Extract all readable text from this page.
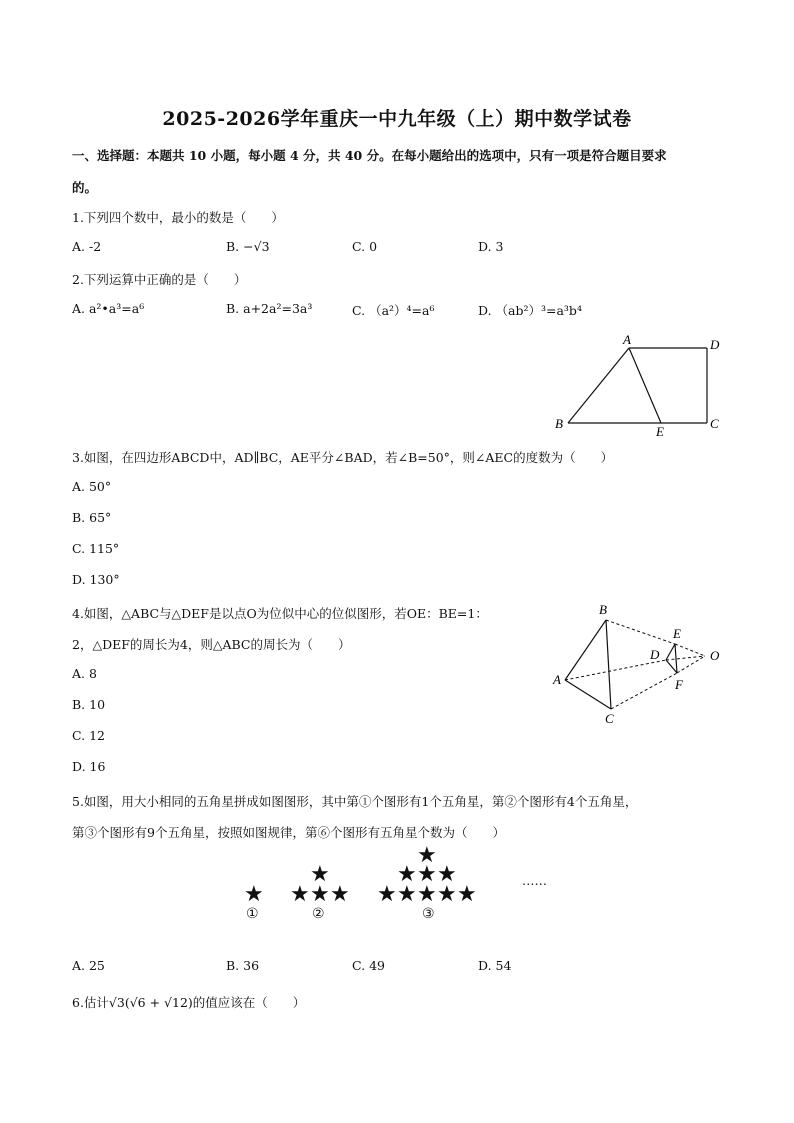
2025-2026学年重庆一中九年级（上）期中数学试卷
一、选择题：本题共 10 小题，每小题 4 分，共 40 分。在每小题给出的选项中，只有一项是符合题目要求
的。
1.下列四个数中，最小的数是（　　）
A. -2	B. −√3	C. 0	D. 3
2.下列运算中正确的是（　　）
A. a²•a³=a⁶	B. a+2a²=3a³	C. （a²）⁴=a⁶	D. （ab²）³=a³b⁴
A	D
B
E
C
3.如图，在四边形ABCD中，AD∥BC，AE平分∠BAD，若∠B=50°，则∠AEC的度数为（　　）
A. 50°
B. 65°
C. 115°
D. 130°
4.如图，△ABC与△DEF是以点O为位似中心的位似图形，若OE：BE=1：
2，△DEF的周长为4，则△ABC的周长为（　　）
A. 8
B. 10
C. 12
D. 16
B
E
D	O
A	F
C
5.如图，用大小相同的五角星拼成如图图形，其中第①个图形有1个五角星，第②个图形有4个五角星，
第③个图形有9个五角星，按照如图规律，第⑥个图形有五角星个数为（　　）
★
★
★ ★ ★
★
★ ★ ★
★ ★ ★ ★ ★
……
①	②	③
A. 25	B. 36	C. 49	D. 54
6.估计√3(√6 + √12)的值应该在（　　）
